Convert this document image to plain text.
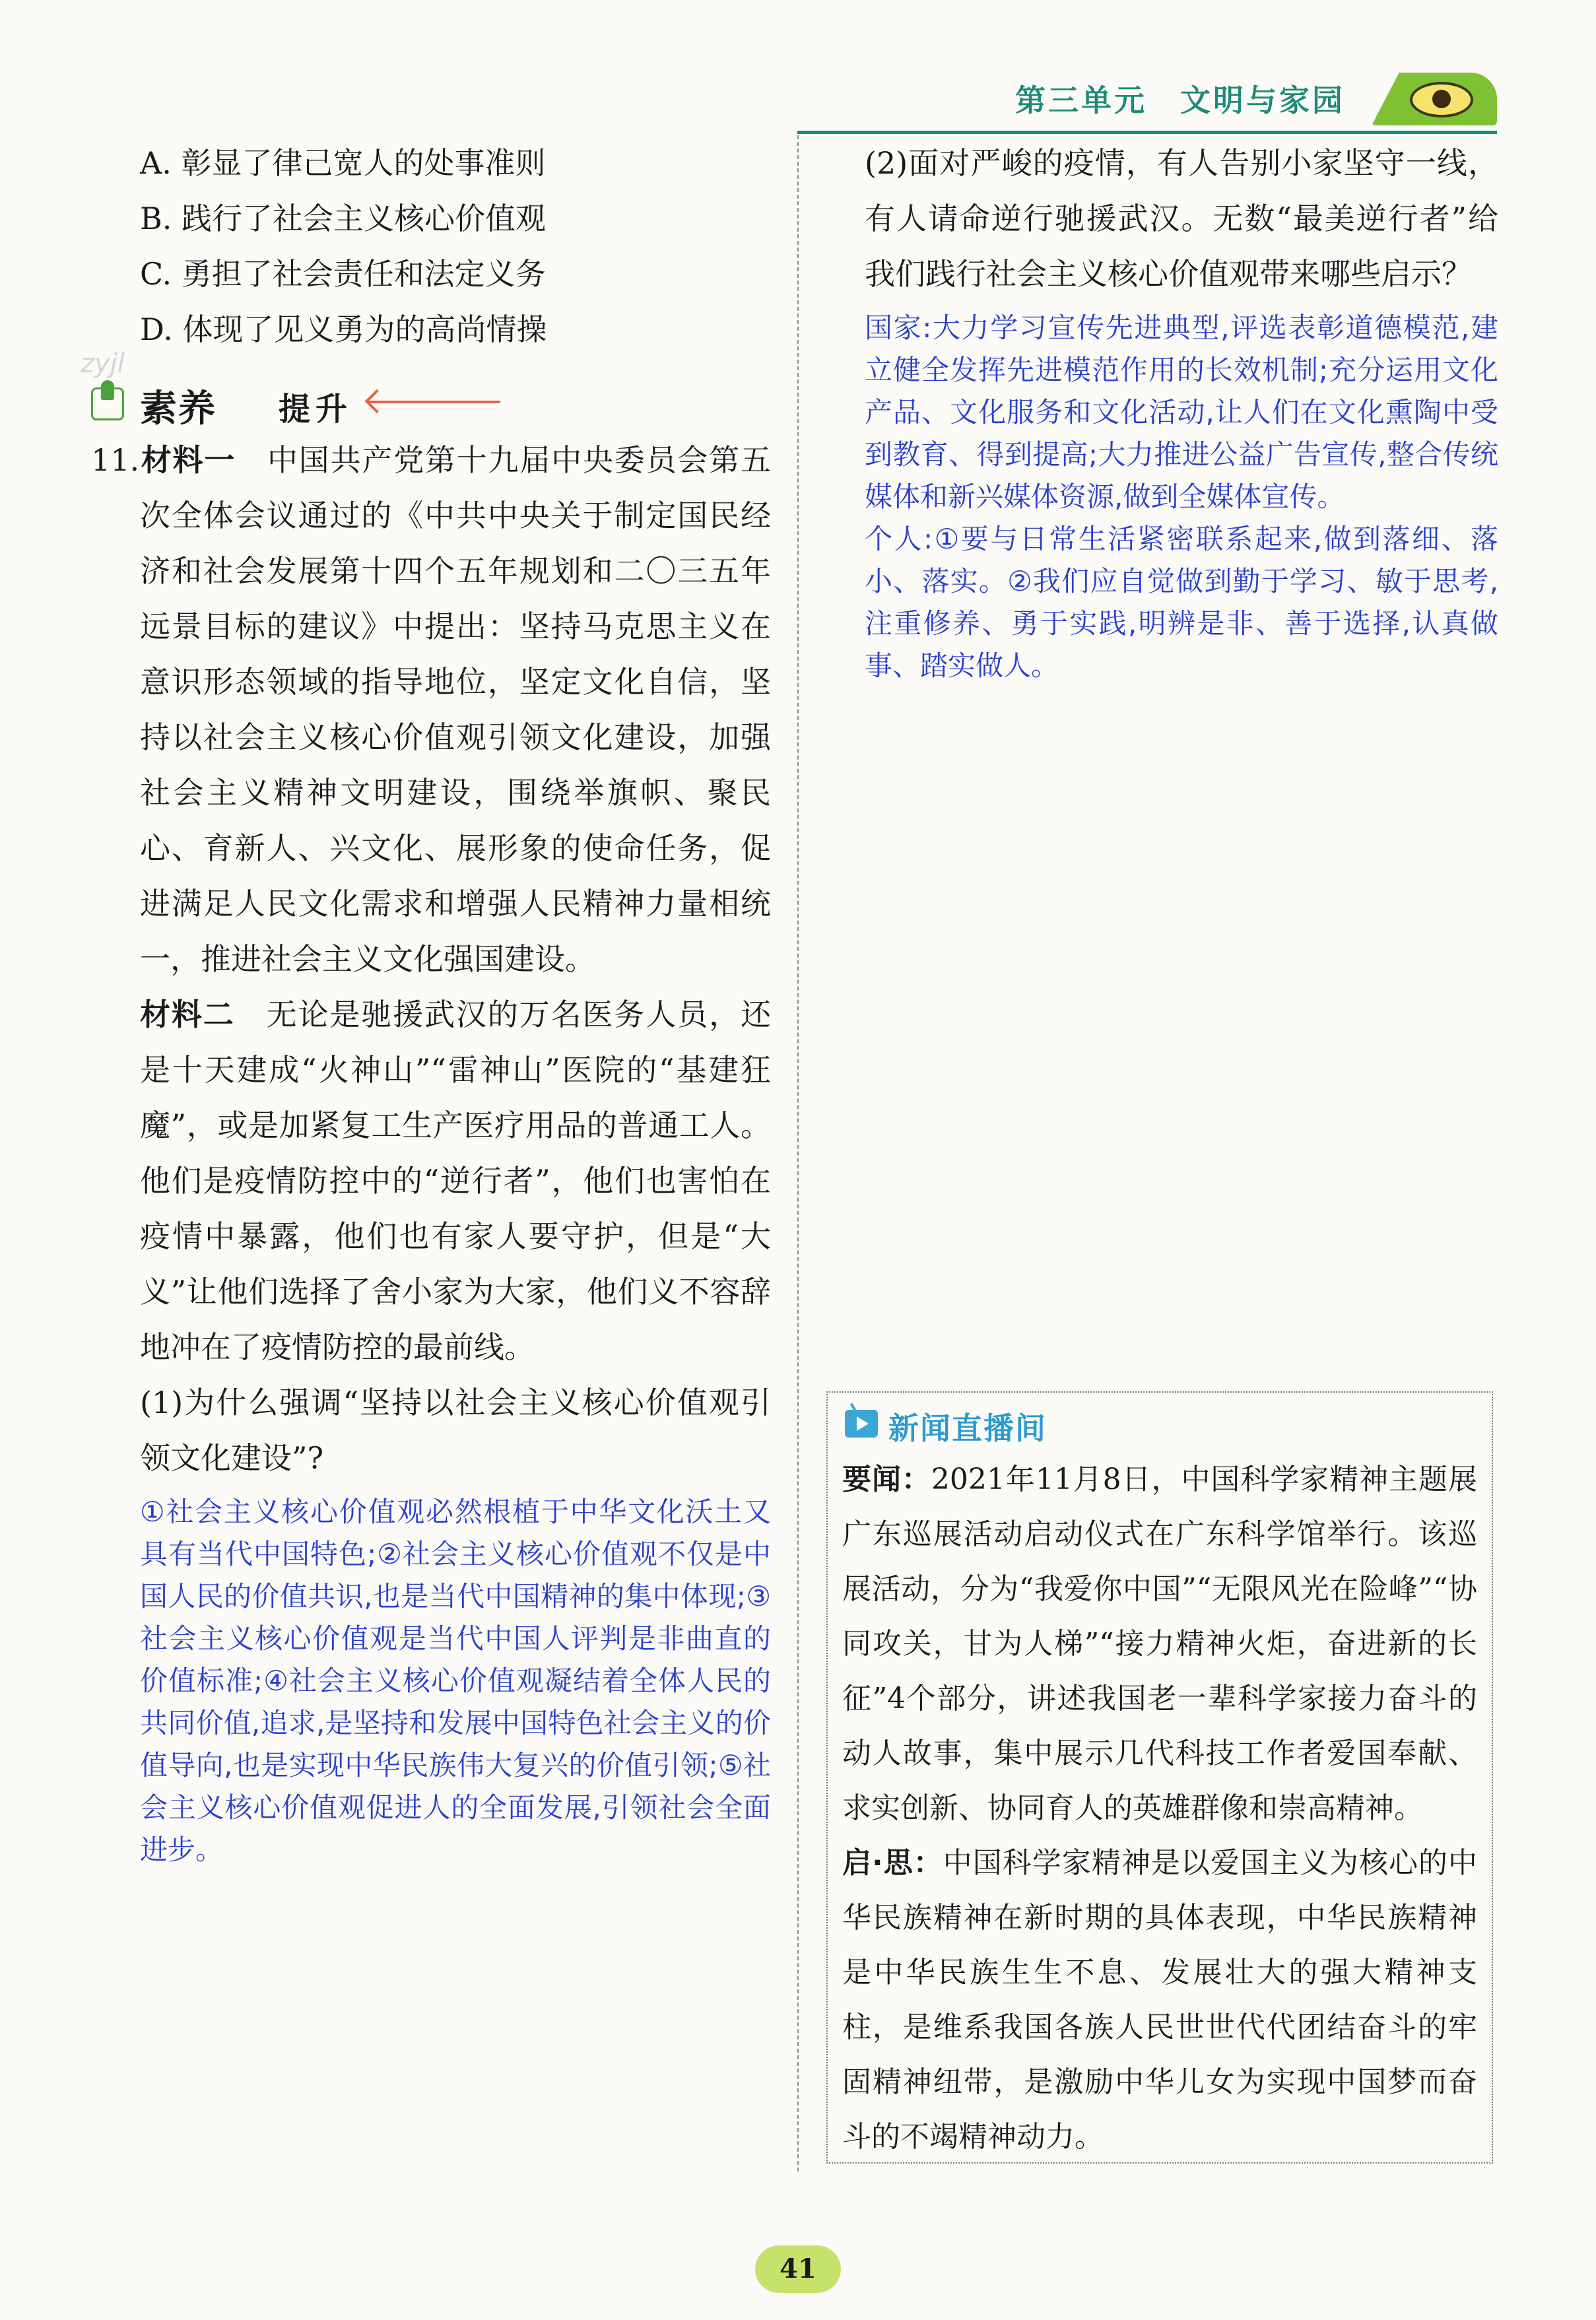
第三单元　文明与家园
zyjl

A. 彰显了律己宽人的处事准则

B. 践行了社会主义核心价值观

C. 勇担了社会责任和法定义务

D. 体现了见义勇为的高尚情操

素养 提升

11.材料一　中国共产党第十九届中央委员会第五次全体会议通过的《中共中央关于制定国民经济和社会发展第十四个五年规划和二〇三五年远景目标的建议》中提出：坚持马克思主义在意识形态领域的指导地位，坚定文化自信，坚持以社会主义核心价值观引领文化建设，加强社会主义精神文明建设，围绕举旗帜、聚民心、育新人、兴文化、展形象的使命任务，促进满足人民文化需求和增强人民精神力量相统一，推进社会主义文化强国建设。

材料二　无论是驰援武汉的万名医务人员，还是十天建成“火神山”“雷神山”医院的“基建狂魔”，或是加紧复工生产医疗用品的普通工人。他们是疫情防控中的“逆行者”，他们也害怕在疫情中暴露，他们也有家人要守护，但是“大义”让他们选择了舍小家为大家，他们义不容辞地冲在了疫情防控的最前线。

(1)为什么强调“坚持以社会主义核心价值观引领文化建设”?

①社会主义核心价值观必然根植于中华文化沃土又具有当代中国特色;②社会主义核心价值观不仅是中国人民的价值共识,也是当代中国精神的集中体现;③社会主义核心价值观是当代中国人评判是非曲直的价值标准;④社会主义核心价值观凝结着全体人民的共同价值,追求,是坚持和发展中国特色社会主义的价值导向,也是实现中华民族伟大复兴的价值引领;⑤社会主义核心价值观促进人的全面发展,引领社会全面进步。

(2)面对严峻的疫情，有人告别小家坚守一线，有人请命逆行驰援武汉。无数“最美逆行者”给我们践行社会主义核心价值观带来哪些启示？

国家:大力学习宣传先进典型,评选表彰道德模范,建立健全发挥先进模范作用的长效机制;充分运用文化产品、文化服务和文化活动,让人们在文化熏陶中受到教育、得到提高;大力推进公益广告宣传,整合传统媒体和新兴媒体资源,做到全媒体宣传。

个人:①要与日常生活紧密联系起来,做到落细、落小、落实。②我们应自觉做到勤于学习、敏于思考,注重修养、勇于实践,明辨是非、善于选择,认真做事、踏实做人。

新闻直播间

要闻：2021年11月8日，中国科学家精神主题展广东巡展活动启动仪式在广东科学馆举行。该巡展活动，分为“我爱你中国”“无限风光在险峰”“协同攻关，甘为人梯”“接力精神火炬，奋进新的长征”4个部分，讲述我国老一辈科学家接力奋斗的动人故事，集中展示几代科技工作者爱国奉献、求实创新、协同育人的英雄群像和崇高精神。

启·思：中国科学家精神是以爱国主义为核心的中华民族精神在新时期的具体表现，中华民族精神是中华民族生生不息、发展壮大的强大精神支柱，是维系我国各族人民世世代代团结奋斗的牢固精神纽带，是激励中华儿女为实现中国梦而奋斗的不竭精神动力。

41
